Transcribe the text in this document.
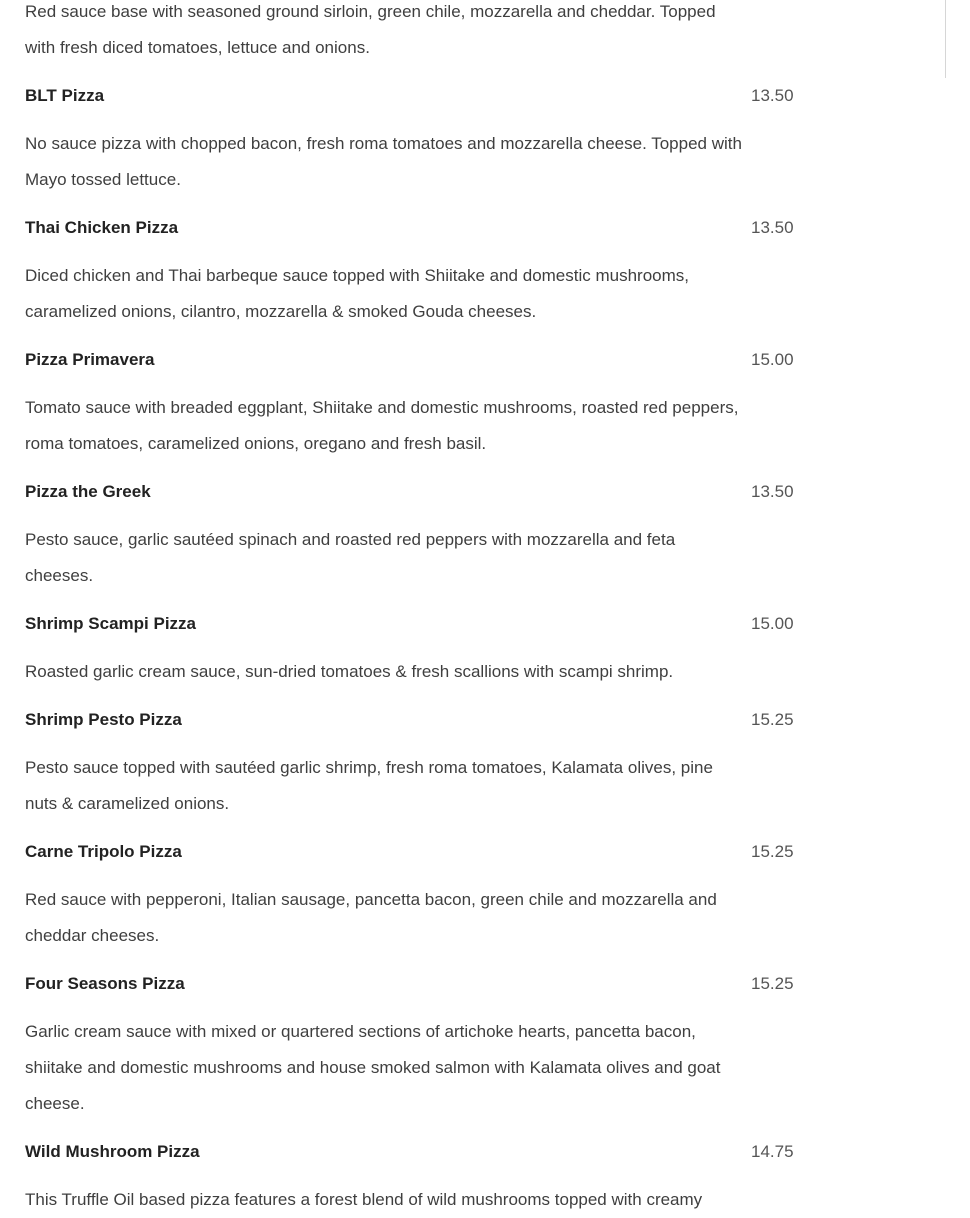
Red sauce base with seasoned ground sirloin, green chile, mozzarella and cheddar. Topped with fresh diced tomatoes, lettuce and onions.

BLT Pizza	13.50

No sauce pizza with chopped bacon, fresh roma tomatoes and mozzarella cheese. Topped with Mayo tossed lettuce.

Thai Chicken Pizza	13.50

Diced chicken and Thai barbeque sauce topped with Shiitake and domestic mushrooms, caramelized onions, cilantro, mozzarella & smoked Gouda cheeses.

Pizza Primavera	15.00

Tomato sauce with breaded eggplant, Shiitake and domestic mushrooms, roasted red peppers, roma tomatoes, caramelized onions, oregano and fresh basil.

Pizza the Greek	13.50

Pesto sauce, garlic sautéed spinach and roasted red peppers with mozzarella and feta cheeses.

Shrimp Scampi Pizza	15.00

Roasted garlic cream sauce, sun-dried tomatoes & fresh scallions with scampi shrimp.

Shrimp Pesto Pizza	15.25

Pesto sauce topped with sautéed garlic shrimp, fresh roma tomatoes, Kalamata olives, pine nuts & caramelized onions.

Carne Tripolo Pizza	15.25

Red sauce with pepperoni, Italian sausage, pancetta bacon, green chile and mozzarella and cheddar cheeses.

Four Seasons Pizza	15.25

Garlic cream sauce with mixed or quartered sections of artichoke hearts, pancetta bacon, shiitake and domestic mushrooms and house smoked salmon with Kalamata olives and goat cheese.

Wild Mushroom Pizza	14.75

This Truffle Oil based pizza features a forest blend of wild mushrooms topped with creamy
